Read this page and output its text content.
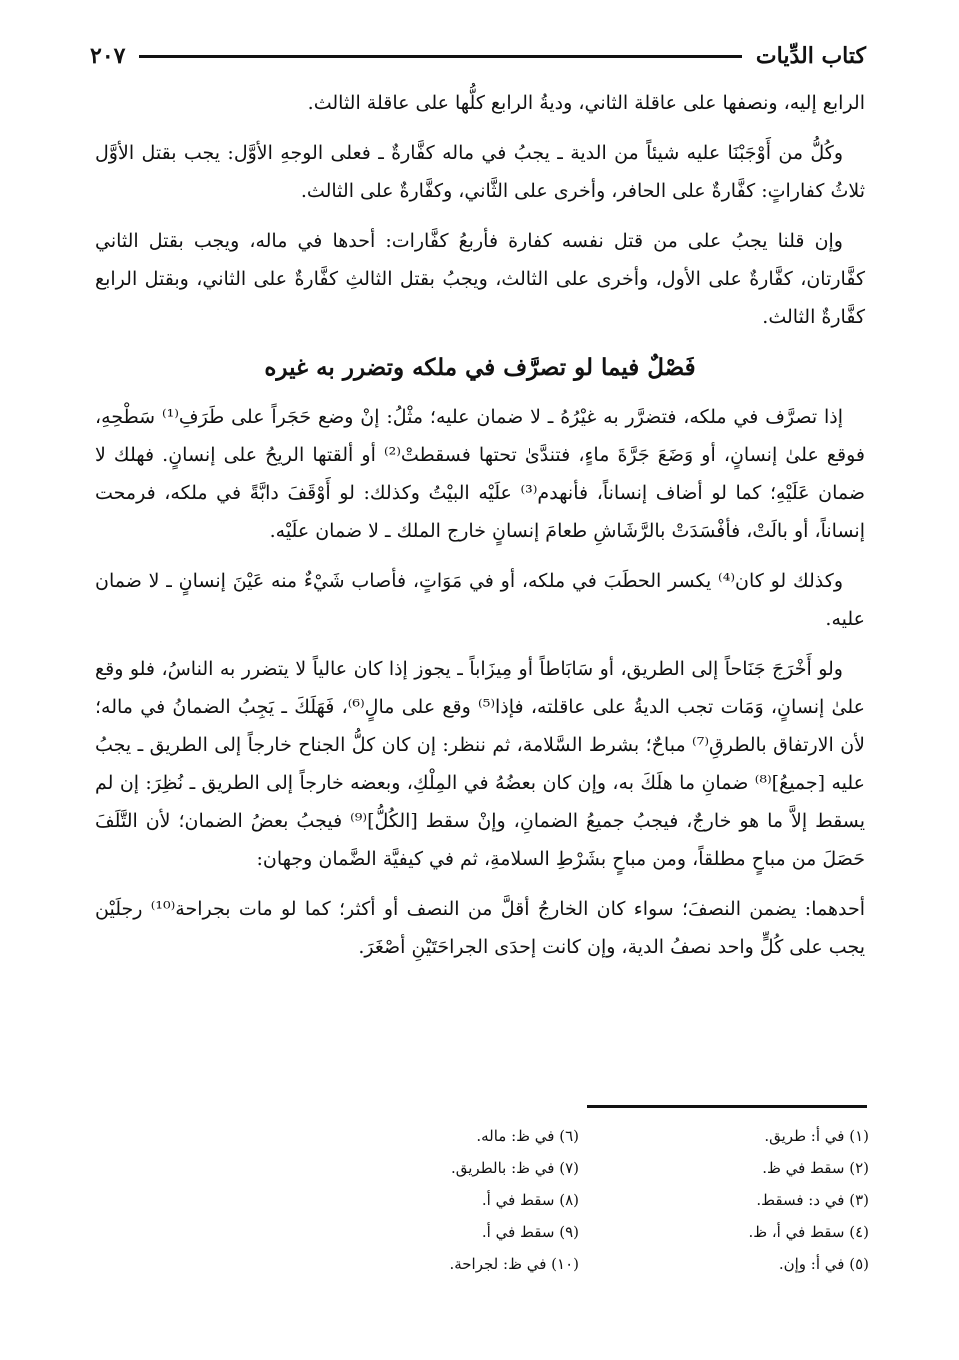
كتاب الدِّيات
٢٠٧

الرابع إليه، ونصفها على عاقلة الثاني، وديةُ الرابع كلُّها على عاقلة الثالث.

وكُلُّ من أَوْجَبْنَا عليه شيئاً من الدية ـ يجبُ في ماله كفَّارةٌ ـ فعلى الوجهِ الأوَّل: يجب بقتل الأوَّل ثلاثُ كفاراتٍ: كفَّارةٌ على الحافر، وأخرى على الثَّاني، وكفَّارةٌ على الثالث.

وإن قلنا يجبُ على من قتل نفسه كفارة فأربعُ كفَّارات: أحدها في ماله، ويجب بقتل الثاني كفَّارتان، كفَّارةٌ على الأول، وأخرى على الثالث، ويجبُ بقتل الثالثِ كفَّارةٌ على الثاني، وبقتل الرابع كفَّارةٌ الثالث.

فَصْلٌ فيما لو تصرَّف في ملكه وتضرر به غيره

إذا تصرَّف في ملكه، فتضرَّر به غيْرُهُ ـ لا ضمان عليه؛ مثْلُ: إنْ وضع حَجَراً على طَرَفِ⁽¹⁾ سَطْحِهِ، فوقع علىٰ إنسانٍ، أو وَضَعَ جَرَّةَ ماءٍ، فتندَّىٰ تحتها فسقطتْ⁽²⁾ أو ألقتها الريحُ على إنسانٍ. فهلك لا ضمان عَلَيْهِ؛ كما لو أضاف إنساناً، فأنهدم⁽³⁾ علَيْه البيْتُ وكذلك: لو أَوْقَفَ دابَّةً في ملكه، فرمحت إنساناً، أو بالَتْ، فأفْسَدَتْ بالرَّشَاشِ طعامَ إنسانٍ خارج الملك ـ لا ضمان علَيْه.

وكذلك لو كان⁽⁴⁾ يكسر الحطَبَ في ملكه، أو في مَوَاتٍ، فأصاب شَيْءٌ منه عَيْنَ إنسانٍ ـ لا ضمان عليه.

ولو أَخْرَجَ جَنَاحاً إلى الطريق، أو سَابَاطاً أو مِيزَاباً ـ يجوز إذا كان عالياً لا يتضرر به الناسُ، فلو وقع علىٰ إنسانٍ، وَمَات تجب الديةُ على عاقلته، فإذا⁽⁵⁾ وقع على مالٍ⁽⁶⁾، فَهَلَكَ ـ يَجِبُ الضمانُ في ماله؛ لأن الارتفاق بالطرقِ⁽⁷⁾ مباحٌ؛ بشرط السَّلامة، ثم ننظر: إن كان كلُّ الجناح خارجاً إلى الطريق ـ يجبُ عليه [جميعُ]⁽⁸⁾ ضمانِ ما هلَكَ به، وإن كان بعضُهُ في المِلْكِ، وبعضه خارجاً إلى الطريق ـ نُظِرَ: إن لم يسقط إلاَّ ما هو خارجٌ، فيجبُ جميعُ الضمانِ، وإنْ سقط [الكُلُّ]⁽⁹⁾ فيجبُ بعضُ الضمان؛ لأن التَّلَفَ حَصَلَ من مباحٍ مطلقاً، ومن مباحٍ بشَرْطِ السلامةِ، ثم في كيفيَّة الضَّمان وجهان:

أحدهما: يضمن النصفَ؛ سواء كان الخارجُ أقلَّ من النصف أو أكثر؛ كما لو مات بجراحة⁽¹⁰⁾ رجلَيْن يجب على كُلٍّ واحد نصفُ الدية، وإن كانت إحدَى الجراحَتَيْنِ أصْغَرَ.

(١) في أ: طريق.
(٢) سقط في ظ.
(٣) في د: فسقط.
(٤) سقط في أ، ظ.
(٥) في أ: وإن.
(٦) في ظ: ماله.
(٧) في ظ: بالطريق.
(٨) سقط في أ.
(٩) سقط في أ.
(١٠) في ظ: لجراحة.
